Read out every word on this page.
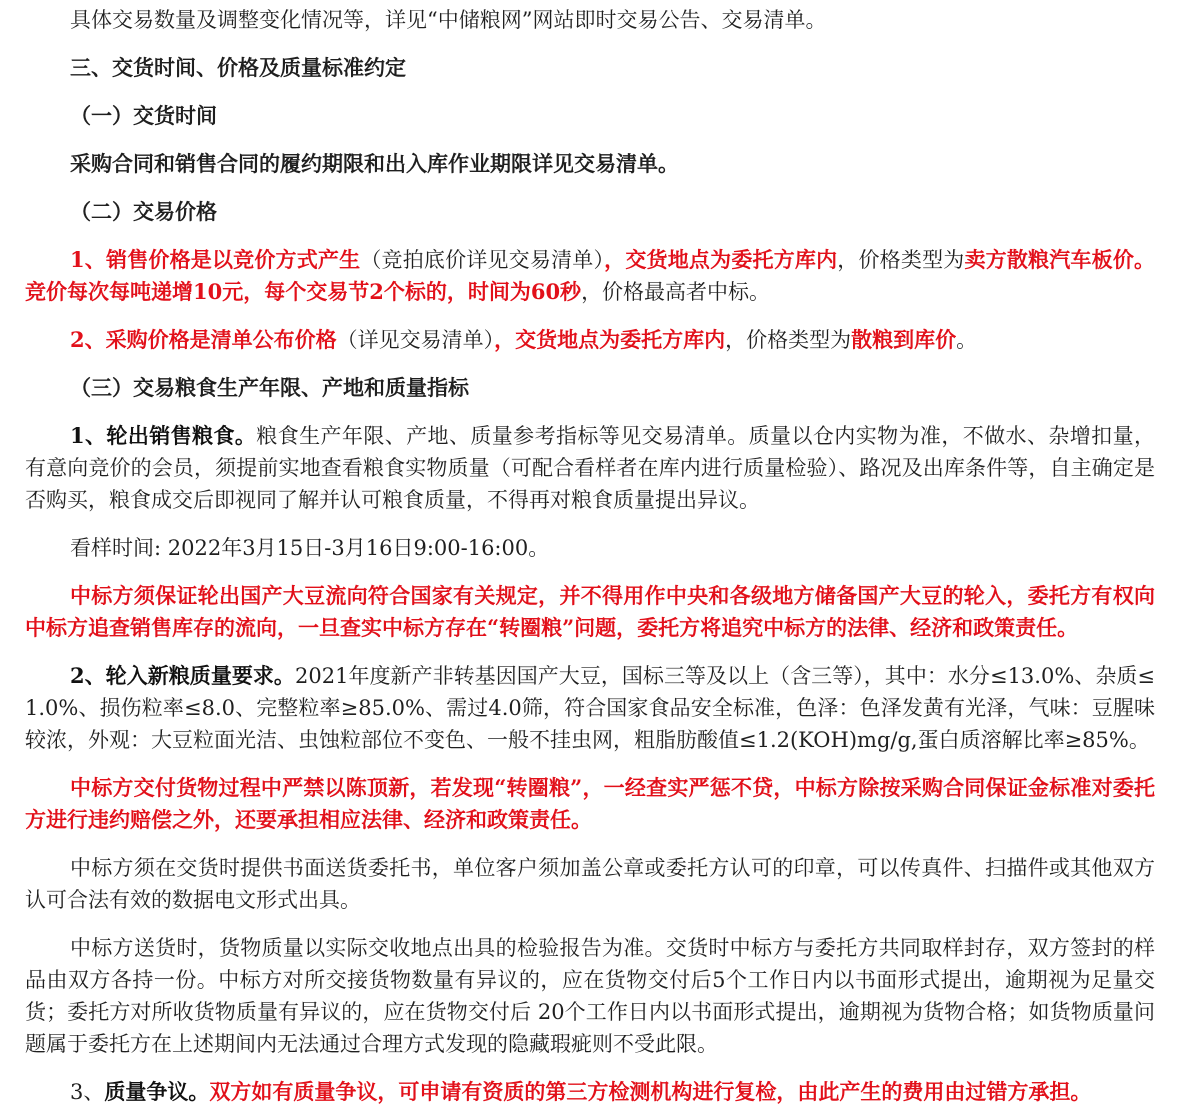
具体交易数量及调整变化情况等，详见“中储粮网”网站即时交易公告、交易清单。

三、交货时间、价格及质量标准约定

（一）交货时间

采购合同和销售合同的履约期限和出入库作业期限详见交易清单。

（二）交易价格

1、销售价格是以竞价方式产生（竞拍底价详见交易清单），交货地点为委托方库内，价格类型为卖方散粮汽车板价。竞价每次每吨递增10元，每个交易节2个标的，时间为60秒，价格最高者中标。

2、采购价格是清单公布价格（详见交易清单），交货地点为委托方库内，价格类型为散粮到库价。

（三）交易粮食生产年限、产地和质量指标

1、轮出销售粮食。粮食生产年限、产地、质量参考指标等见交易清单。质量以仓内实物为准，不做水、杂增扣量，有意向竞价的会员，须提前实地查看粮食实物质量（可配合看样者在库内进行质量检验）、路况及出库条件等，自主确定是否购买，粮食成交后即视同了解并认可粮食质量，不得再对粮食质量提出异议。

看样时间: 2022年3月15日-3月16日9:00-16:00。

中标方须保证轮出国产大豆流向符合国家有关规定，并不得用作中央和各级地方储备国产大豆的轮入，委托方有权向中标方追查销售库存的流向，一旦查实中标方存在“转圈粮”问题，委托方将追究中标方的法律、经济和政策责任。

2、轮入新粮质量要求。2021年度新产非转基因国产大豆，国标三等及以上（含三等），其中：水分≤13.0%、杂质≤1.0%、损伤粒率≤8.0、完整粒率≥85.0%、需过4.0筛，符合国家食品安全标准，色泽：色泽发黄有光泽，气味：豆腥味较浓，外观：大豆粒面光洁、虫蚀粒部位不变色、一般不挂虫网，粗脂肪酸值≤1.2(KOH)mg/g,蛋白质溶解比率≥85%。

中标方交付货物过程中严禁以陈顶新，若发现“转圈粮”，一经查实严惩不贷，中标方除按采购合同保证金标准对委托方进行违约赔偿之外，还要承担相应法律、经济和政策责任。

中标方须在交货时提供书面送货委托书，单位客户须加盖公章或委托方认可的印章，可以传真件、扫描件或其他双方认可合法有效的数据电文形式出具。

中标方送货时，货物质量以实际交收地点出具的检验报告为准。交货时中标方与委托方共同取样封存，双方签封的样品由双方各持一份。中标方对所交接货物数量有异议的，应在货物交付后5个工作日内以书面形式提出，逾期视为足量交货；委托方对所收货物质量有异议的，应在货物交付后 20个工作日内以书面形式提出，逾期视为货物合格；如货物质量问题属于委托方在上述期间内无法通过合理方式发现的隐藏瑕疵则不受此限。

3、质量争议。双方如有质量争议，可申请有资质的第三方检测机构进行复检，由此产生的费用由过错方承担。
